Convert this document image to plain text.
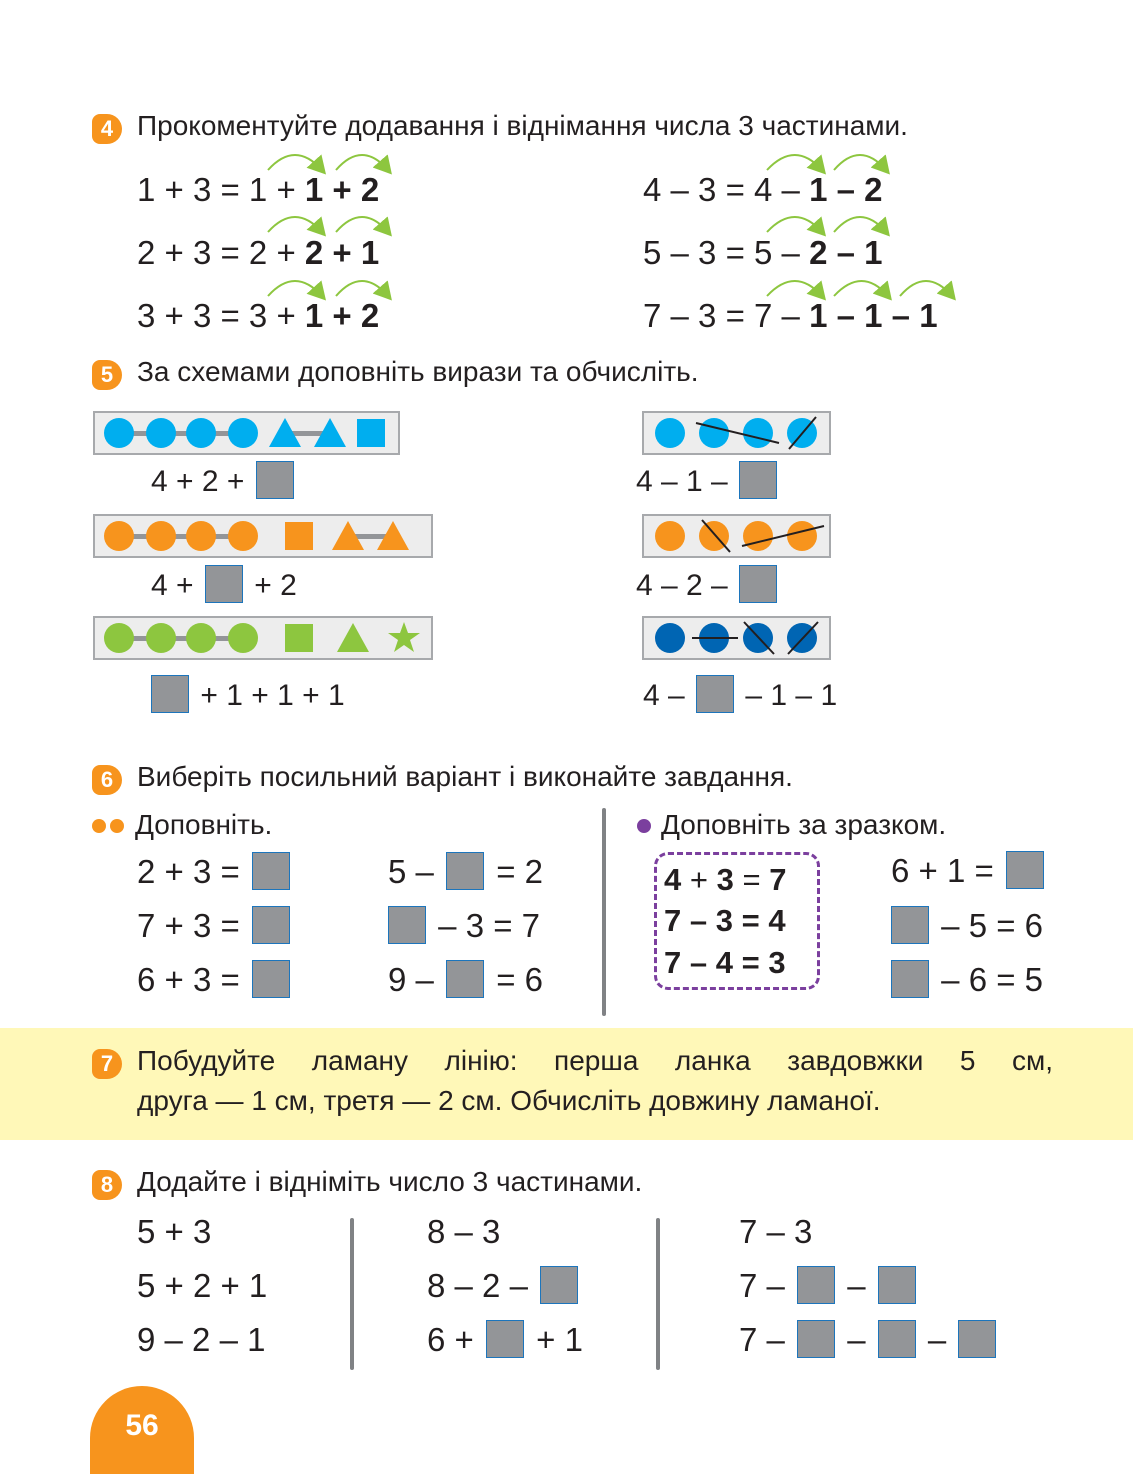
4 Прокоментуйте додавання і віднімання числа 3 частинами.
1 + 3 = 1 + 1 + 2
2 + 3 = 2 + 2 + 1
3 + 3 = 3 + 1 + 2
4 – 3 = 4 – 1 – 2
5 – 3 = 5 – 2 – 1
7 – 3 = 7 – 1 – 1 – 1
5 За схемами доповніть вирази та обчисліть.
4 + 2 +
4 +  + 2
+ 1 + 1 + 1
4 – 1 –
4 – 2 –
4 –  – 1 – 1
6 Виберіть посильний варіант і виконайте завдання.
Доповніть.
2 + 3 =
7 + 3 =
6 + 3 =
5 –  = 2
– 3 = 7
9 –  = 6
Доповніть за зразком.
4 + 3 = 7
7 – 3 = 4
7 – 4 = 3
6 + 1 =
– 5 = 6
– 6 = 5
7 Побудуйте ламану лінію: перша ланка завдовжки 5 см,
друга — 1 см, третя — 2 см. Обчисліть довжину ламаної.
8 Додайте і відніміть число 3 частинами.
5 + 3
5 + 2 + 1
9 – 2 – 1
8 – 3
8 – 2 –
6 +  + 1
7 – 3
7 –  –
7 –  –  –
56
